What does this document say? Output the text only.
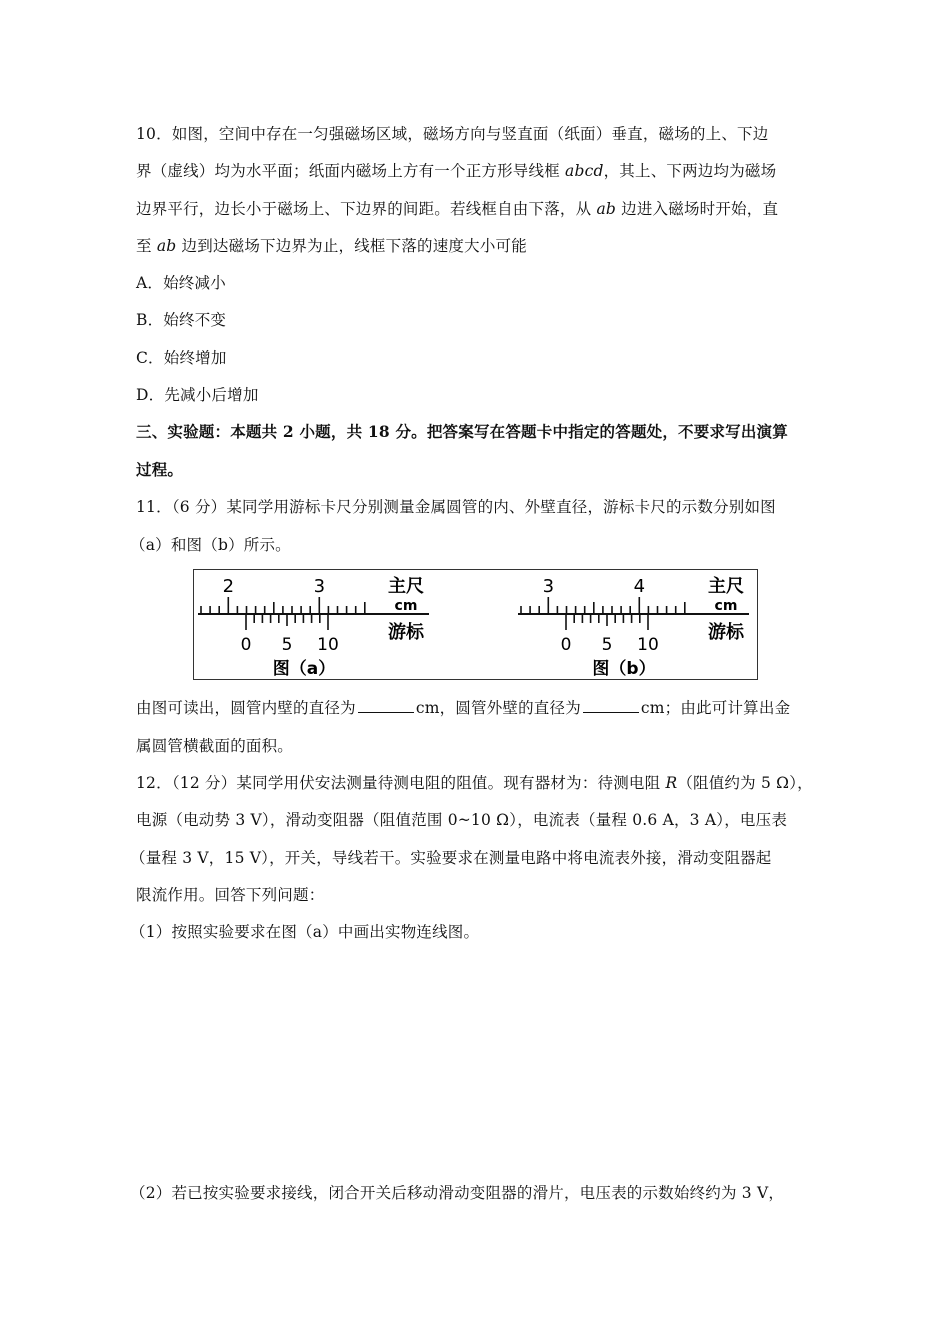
10．如图，空间中存在一匀强磁场区域，磁场方向与竖直面（纸面）垂直，磁场的上、下边
界（虚线）均为水平面；纸面内磁场上方有一个正方形导线框 abcd，其上、下两边均为磁场
边界平行，边长小于磁场上、下边界的间距。若线框自由下落，从 ab 边进入磁场时开始，直
至 ab 边到达磁场下边界为止，线框下落的速度大小可能
A．始终减小
B．始终不变
C．始终增加
D．先减小后增加
三、实验题：本题共 2 小题，共 18 分。把答案写在答题卡中指定的答题处，不要求写出演算
过程。
11．（6 分）某同学用游标卡尺分别测量金属圆管的内、外壁直径，游标卡尺的示数分别如图
（a）和图（b）所示。
2	3
0 5 10
主尺
cm
游标
图（a）
3	4
0 5 10
主尺
cm
游标
图（b）
由图可读出，圆管内壁的直径为	cm，圆管外壁的直径为	cm；由此可计算出金
属圆管横截面的面积。
12．（12 分）某同学用伏安法测量待测电阻的阻值。现有器材为：待测电阻 R（阻值约为 5 Ω），
电源（电动势 3 V），滑动变阻器（阻值范围 0~10 Ω），电流表（量程 0.6 A，3 A），电压表
（量程 3 V，15 V），开关，导线若干。实验要求在测量电路中将电流表外接，滑动变阻器起
限流作用。回答下列问题：
（1）按照实验要求在图（a）中画出实物连线图。
（2）若已按实验要求接线，闭合开关后移动滑动变阻器的滑片，电压表的示数始终约为 3 V，
